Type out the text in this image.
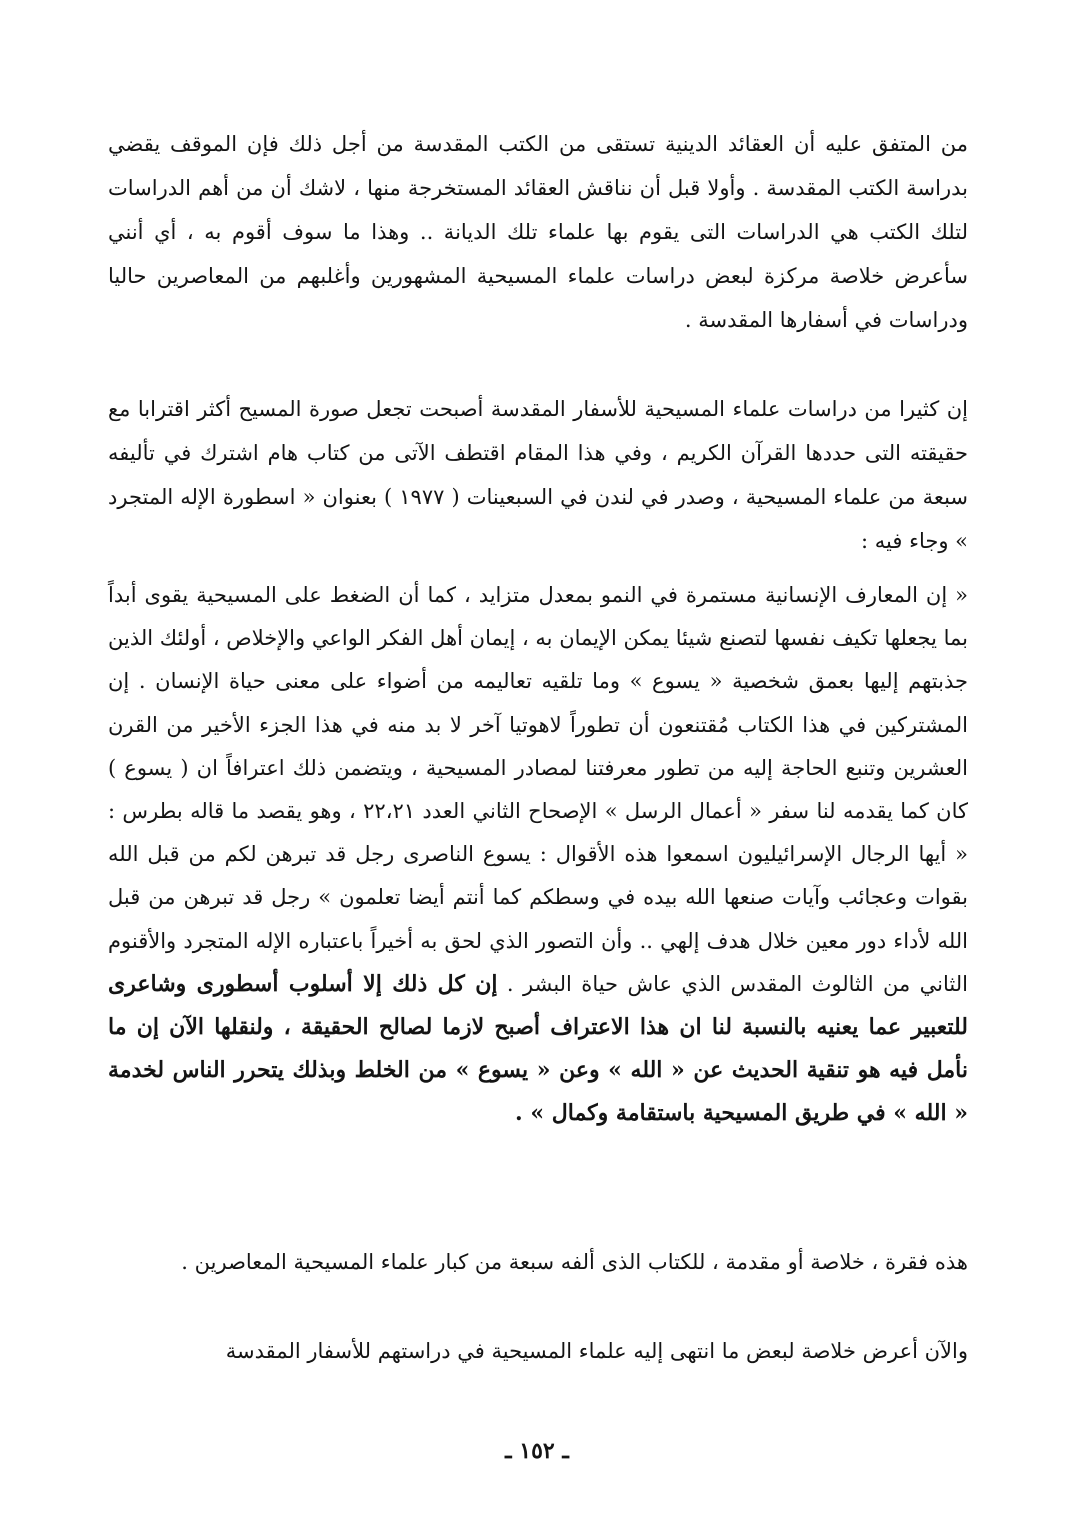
من المتفق عليه أن العقائد الدينية تستقى من الكتب المقدسة من أجل ذلك فإن الموقف يقضي بدراسة الكتب المقدسة . وأولا قبل أن نناقش العقائد المستخرجة منها ، لاشك أن من أهم الدراسات لتلك الكتب هي الدراسات التى يقوم بها علماء تلك الديانة .. وهذا ما سوف أقوم به ، أي أنني سأعرض خلاصة مركزة لبعض دراسات علماء المسيحية المشهورين وأغلبهم من المعاصرين حاليا ودراسات في أسفارها المقدسة .

إن كثيرا من دراسات علماء المسيحية للأسفار المقدسة أصبحت تجعل صورة المسيح أكثر اقترابا مع حقيقته التى حددها القرآن الكريم ، وفي هذا المقام اقتطف الآتى من كتاب هام اشترك في تأليفه سبعة من علماء المسيحية ، وصدر في لندن في السبعينات ( ١٩٧٧ ) بعنوان « اسطورة الإله المتجرد » وجاء فيه :

« إن المعارف الإنسانية مستمرة في النمو بمعدل متزايد ، كما أن الضغط على المسيحية يقوى أبداً بما يجعلها تكيف نفسها لتصنع شيئا يمكن الإيمان به ، إيمان أهل الفكر الواعي والإخلاص ، أولئك الذين جذبتهم إليها بعمق شخصية « يسوع » وما تلقيه تعاليمه من أضواء على معنى حياة الإنسان . إن المشتركين في هذا الكتاب مُقتنعون أن تطوراً لاهوتيا آخر لا بد منه في هذا الجزء الأخير من القرن العشرين وتنبع الحاجة إليه من تطور معرفتنا لمصادر المسيحية ، ويتضمن ذلك اعترافاً ان ( يسوع ) كان كما يقدمه لنا سفر « أعمال الرسل » الإصحاح الثاني العدد ٢٢،٢١ ، وهو يقصد ما قاله بطرس : « أيها الرجال الإسرائيليون اسمعوا هذه الأقوال : يسوع الناصرى رجل قد تبرهن لكم من قبل الله بقوات وعجائب وآيات صنعها الله بيده في وسطكم كما أنتم أيضا تعلمون » رجل قد تبرهن من قبل الله لأداء دور معين خلال هدف إلهي .. وأن التصور الذي لحق به أخيراً باعتباره الإله المتجرد والأقنوم الثاني من الثالوث المقدس الذي عاش حياة البشر . إن كل ذلك إلا أسلوب أسطورى وشاعرى للتعبير عما يعنيه بالنسبة لنا ان هذا الاعتراف أصبح لازما لصالح الحقيقة ، ولنقلها الآن إن ما نأمل فيه هو تنقية الحديث عن « الله » وعن « يسوع » من الخلط وبذلك يتحرر الناس لخدمة « الله » في طريق المسيحية باستقامة وكمال » .

هذه فقرة ، خلاصة أو مقدمة ، للكتاب الذى ألفه سبعة من كبار علماء المسيحية المعاصرين .

والآن أعرض خلاصة لبعض ما انتهى إليه علماء المسيحية في دراستهم للأسفار المقدسة

ـ ١٥٢ ـ
